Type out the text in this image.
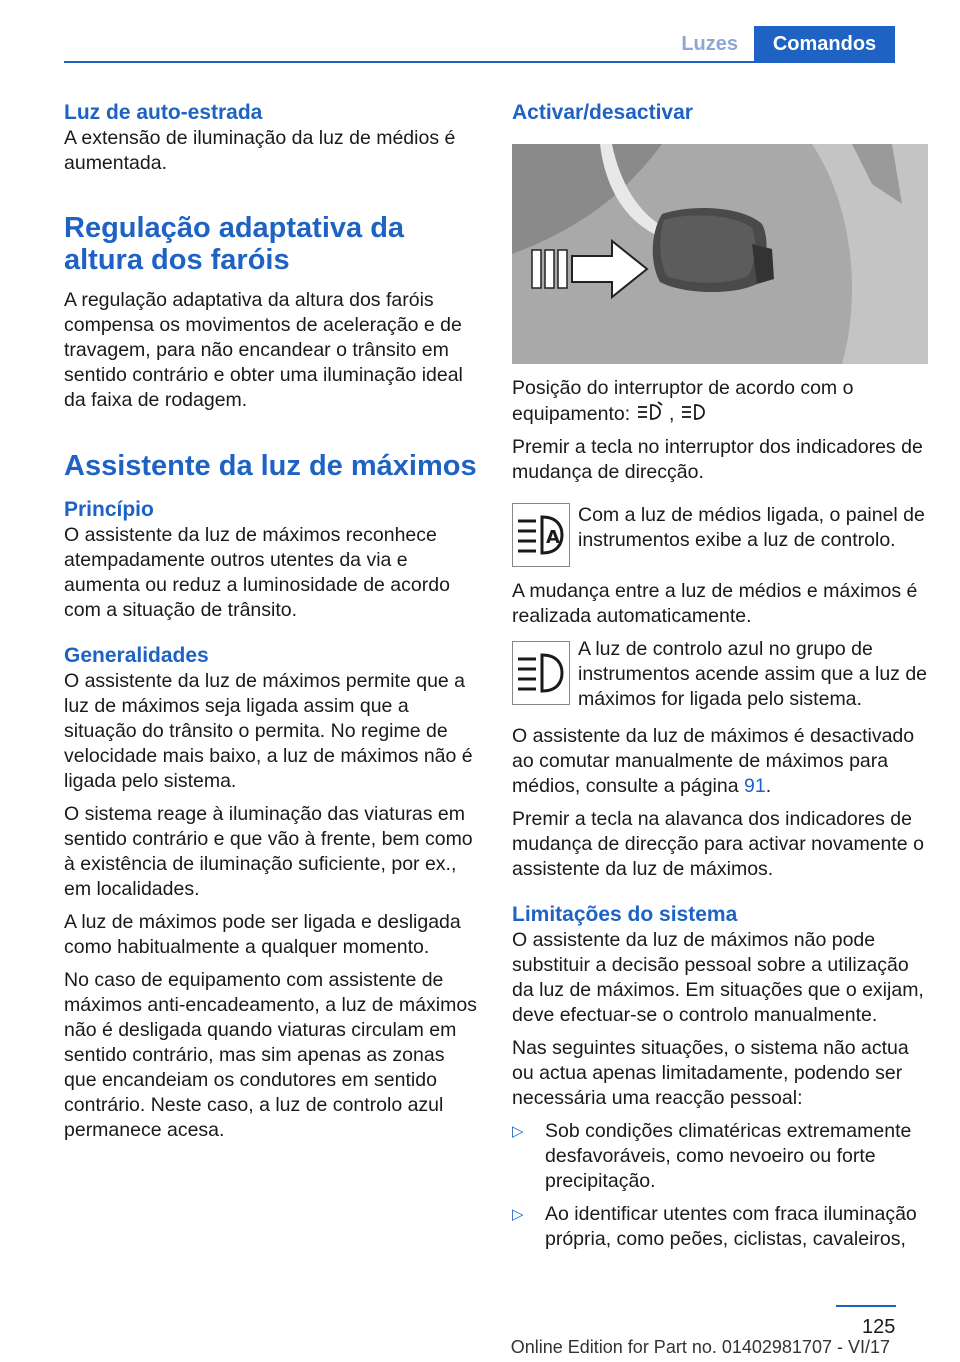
Luzes	Comandos
Luz de auto-estrada

A extensão de iluminação da luz de médios é aumentada.

Regulação adaptativa da altura dos faróis

A regulação adaptativa da altura dos faróis compensa os movimentos de aceleração e de travagem, para não encandear o trânsito em sentido contrário e obter uma iluminação ideal da faixa de rodagem.

Assistente da luz de máximos
Princípio

O assistente da luz de máximos reconhece atempadamente outros utentes da via e aumenta ou reduz a luminosidade de acordo com a situação de trânsito.

Generalidades

O assistente da luz de máximos permite que a luz de máximos seja ligada assim que a situação do trânsito o permita. No regime de velocidade mais baixo, a luz de máximos não é ligada pelo sistema.

O sistema reage à iluminação das viaturas em sentido contrário e que vão à frente, bem como à existência de iluminação suficiente, por ex., em localidades.

A luz de máximos pode ser ligada e desligada como habitualmente a qualquer momento.

No caso de equipamento com assistente de máximos anti-encadeamento, a luz de máximos não é desligada quando viaturas circulam em sentido contrário, mas sim apenas as zonas que encandeiam os condutores em sentido contrário. Neste caso, a luz de controlo azul permanece acesa.

Activar/desactivar

Posição do interruptor de acordo com o equipamento: ,

Premir a tecla no interruptor dos indicadores de mudança de direcção.

A
Com a luz de médios ligada, o painel de instrumentos exibe a luz de controlo.

A mudança entre a luz de médios e máximos é realizada automaticamente.

A luz de controlo azul no grupo de instrumentos acende assim que a luz de máximos for ligada pelo sistema.

O assistente da luz de máximos é desactivado ao comutar manualmente de máximos para médios, consulte a página 91.

Premir a tecla na alavanca dos indicadores de mudança de direcção para activar novamente o assistente da luz de máximos.

Limitações do sistema

O assistente da luz de máximos não pode substituir a decisão pessoal sobre a utilização da luz de máximos. Em situações que o exijam, deve efectuar-se o controlo manualmente.

Nas seguintes situações, o sistema não actua ou actua apenas limitadamente, podendo ser necessária uma reacção pessoal:

▷	Sob condições climatéricas extremamente desfavoráveis, como nevoeiro ou forte precipitação.
▷	Ao identificar utentes com fraca iluminação própria, como peões, ciclistas, cavaleiros,
125
Online Edition for Part no. 01402981707 - VI/17
